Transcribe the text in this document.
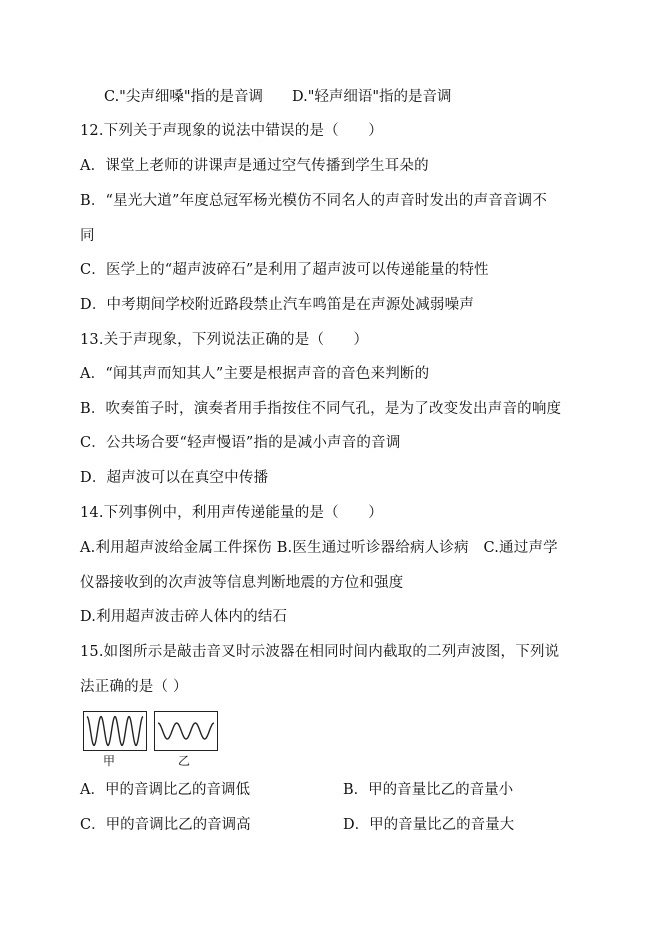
C."尖声细嗓"指的是音调 D."轻声细语"指的是音调
12.下列关于声现象的说法中错误的是（　　）
A．课堂上老师的讲课声是通过空气传播到学生耳朵的
B．“星光大道”年度总冠军杨光模仿不同名人的声音时发出的声音音调不
同
C．医学上的“超声波碎石”是利用了超声波可以传递能量的特性
D．中考期间学校附近路段禁止汽车鸣笛是在声源处减弱噪声
13.关于声现象，下列说法正确的是（　　）
A．“闻其声而知其人”主要是根据声音的音色来判断的
B．吹奏笛子时，演奏者用手指按住不同气孔，是为了改变发出声音的响度
C．公共场合要“轻声慢语”指的是减小声音的音调
D．超声波可以在真空中传播
14.下列事例中，利用声传递能量的是（　　）
A.利用超声波给金属工件探伤 B.医生通过听诊器给病人诊病　C.通过声学
仪器接收到的次声波等信息判断地震的方位和强度
D.利用超声波击碎人体内的结石
15.如图所示是敲击音叉时示波器在相同时间内截取的二列声波图，下列说
法正确的是（ ）
甲	乙
A．甲的音调比乙的音调低	B．甲的音量比乙的音量小
C．甲的音调比乙的音调高	D．甲的音量比乙的音量大
